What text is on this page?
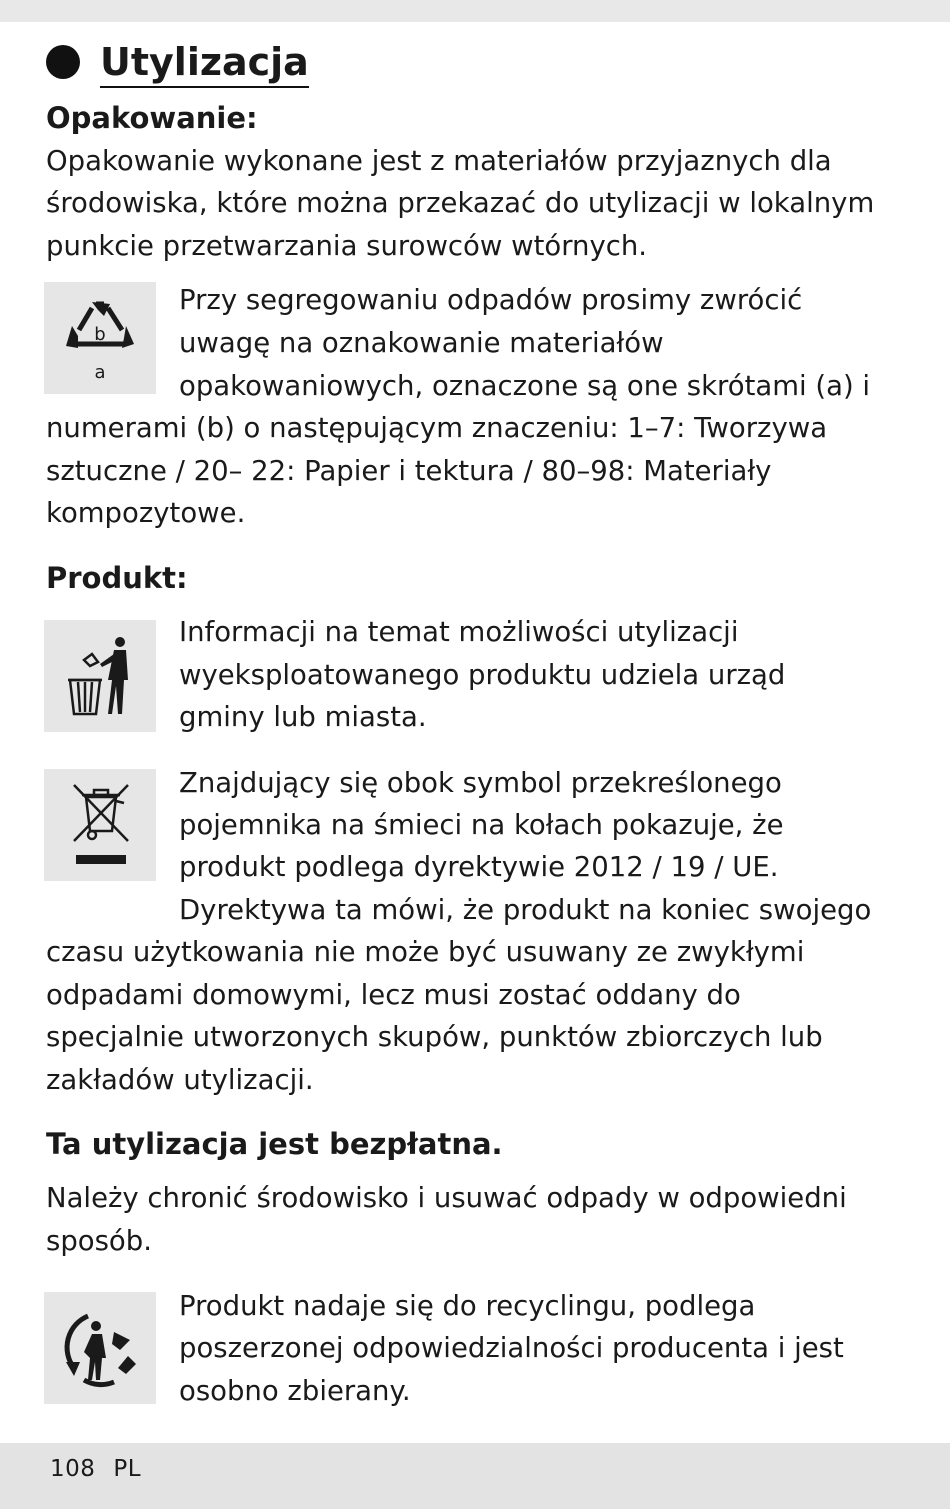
Utylizacja
Opakowanie:
Opakowanie wykonane jest z materiałów przyjaznych dla
środowiska, które można przekazać do utylizacji w lokalnym
punkcie przetwarzania surowców wtórnych.
b
a
Przy segregowaniu odpadów prosimy zwrócić
uwagę na oznakowanie materiałów
opakowaniowych, oznaczone są one skrótami (a) i
numerami (b) o następującym znaczeniu: 1–7: Tworzywa
sztuczne / 20– 22: Papier i tektura / 80–98: Materiały
kompozytowe.
Produkt:
Informacji na temat możliwości utylizacji
wyeksploatowanego produktu udziela urząd
gminy lub miasta.
Znajdujący się obok symbol przekreślonego
pojemnika na śmieci na kołach pokazuje, że
produkt podlega dyrektywie 2012 / 19 / UE.
Dyrektywa ta mówi, że produkt na koniec swojego
czasu użytkowania nie może być usuwany ze zwykłymi
odpadami domowymi, lecz musi zostać oddany do
specjalnie utworzonych skupów, punktów zbiorczych lub
zakładów utylizacji.
Ta utylizacja jest bezpłatna.
Należy chronić środowisko i usuwać odpady w odpowiedni
sposób.
Produkt nadaje się do recyclingu, podlega
poszerzonej odpowiedzialności producenta i jest
osobno zbierany.
108 PL
